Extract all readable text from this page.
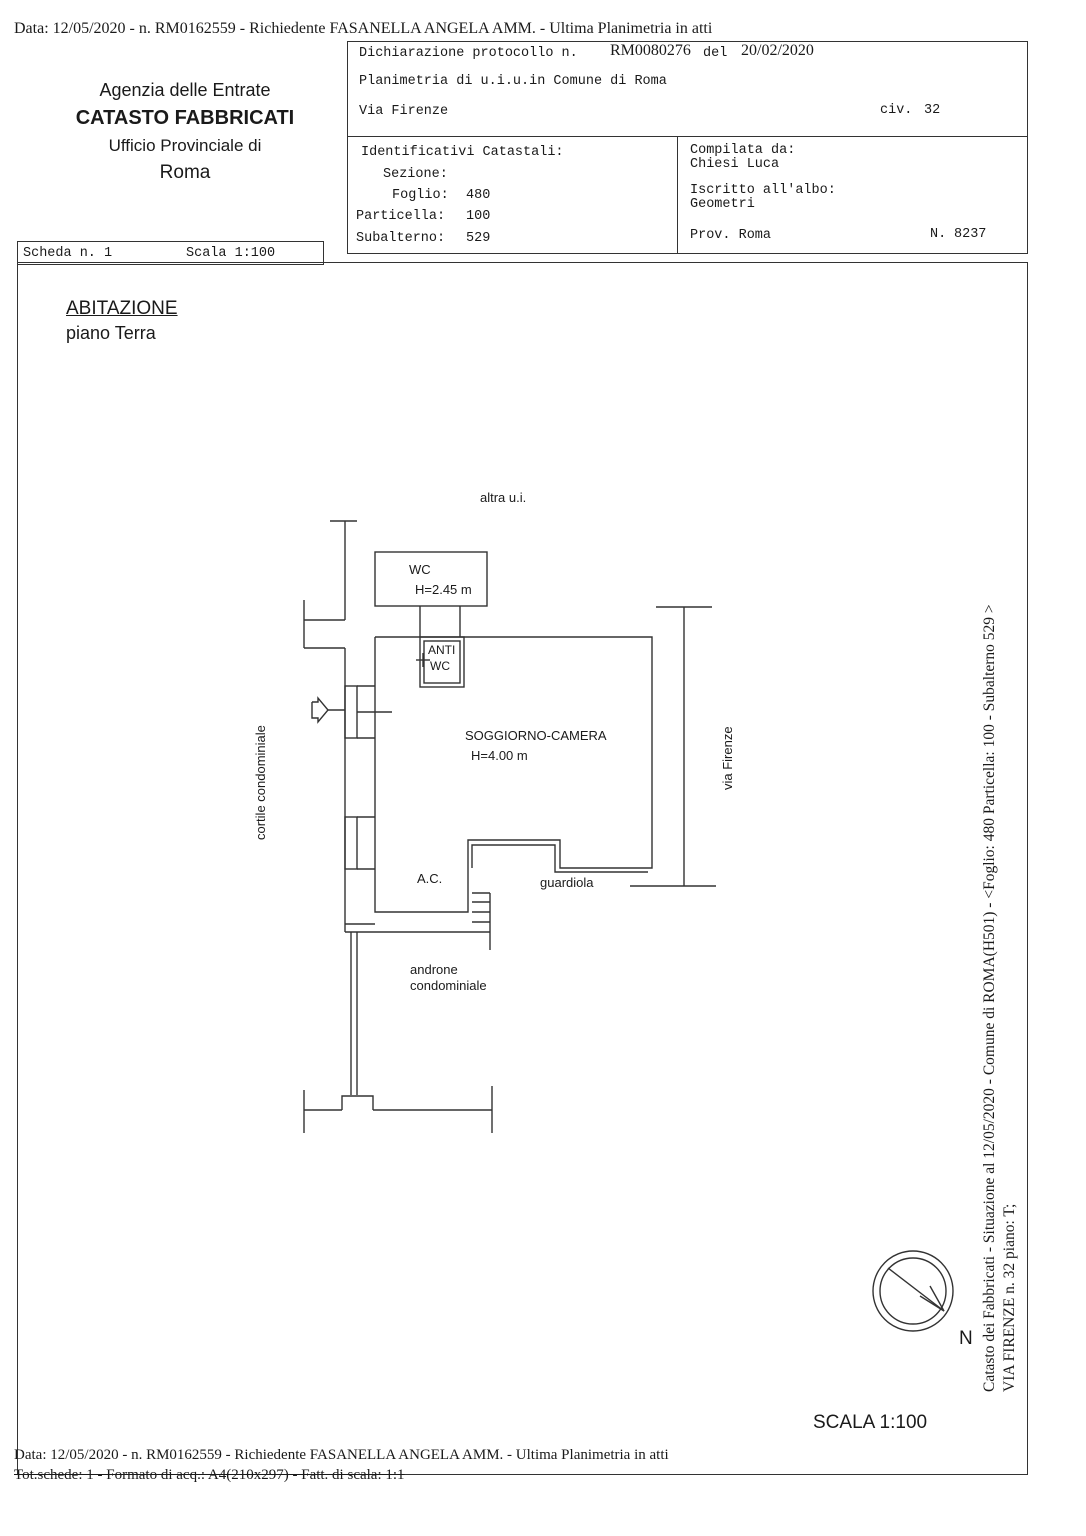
Data: 12/05/2020 - n. RM0162559 - Richiedente FASANELLA ANGELA AMM. - Ultima Planimetria in atti
Agenzia delle Entrate
CATASTO FABBRICATI
Ufficio Provinciale di
Roma
Dichiarazione protocollo n. RM0080276 del 20/02/2020
Planimetria di u.i.u.in Comune di Roma
Via Firenze	civ. 32
Identificativi Catastali:
Sezione:
Foglio: 480
Particella: 100
Subalterno: 529
Compilata da:
Chiesi Luca
Iscritto all'albo:
Geometri
Prov. Roma	N. 8237
Scheda n. 1	Scala 1:100
ABITAZIONE
piano Terra
altra u.i.
WC
H=2.45 m
ANTI
WC
SOGGIORNO-CAMERA
H=4.00 m
A.C.	guardiola
androne
condominiale
cortile condominiale	via Firenze
N Catasto dei Fabbricati - Situazione al 12/05/2020 - Comune di ROMA(H501) - <Foglio: 480 Particella: 100 - Subalterno 529 > VIA FIRENZE n. 32 piano: T;
SCALA 1:100
Data: 12/05/2020 - n. RM0162559 - Richiedente FASANELLA ANGELA AMM. - Ultima Planimetria in atti
Tot.schede: 1 - Formato di acq.: A4(210x297) - Fatt. di scala: 1:1
